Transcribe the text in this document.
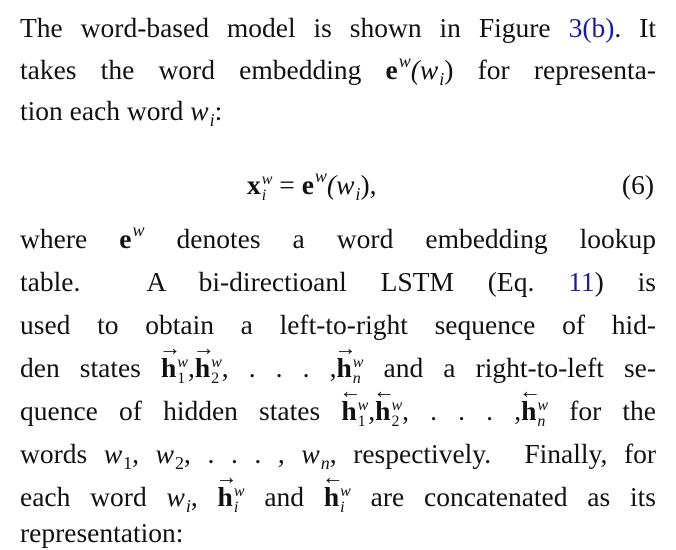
The word-based model is shown in Figure 3(b). It
takes the word embedding $e^w(w_i)$ for representa-
tion each word $w_i$:
x w
$i = e^w(w_i)$,	(6)
where $e^w$ denotes a word embedding lookup
table.  A bi-directioanl LSTM (Eq. 11) is
used to obtain a left-to-right sequence of hid-
den states h → w
1 ,h → w
2 , . . . ,h → w
n and a right-to-left se-
quence of hidden states h ← w
1 ,h ← w
2 , . . . ,h ← w
n for the
words $w_1$, $w_2$, . . . , $w_n$, respectively.  Finally, for
each word $w_i$, h → w
i and h ← w
i are concatenated as its
representation:
